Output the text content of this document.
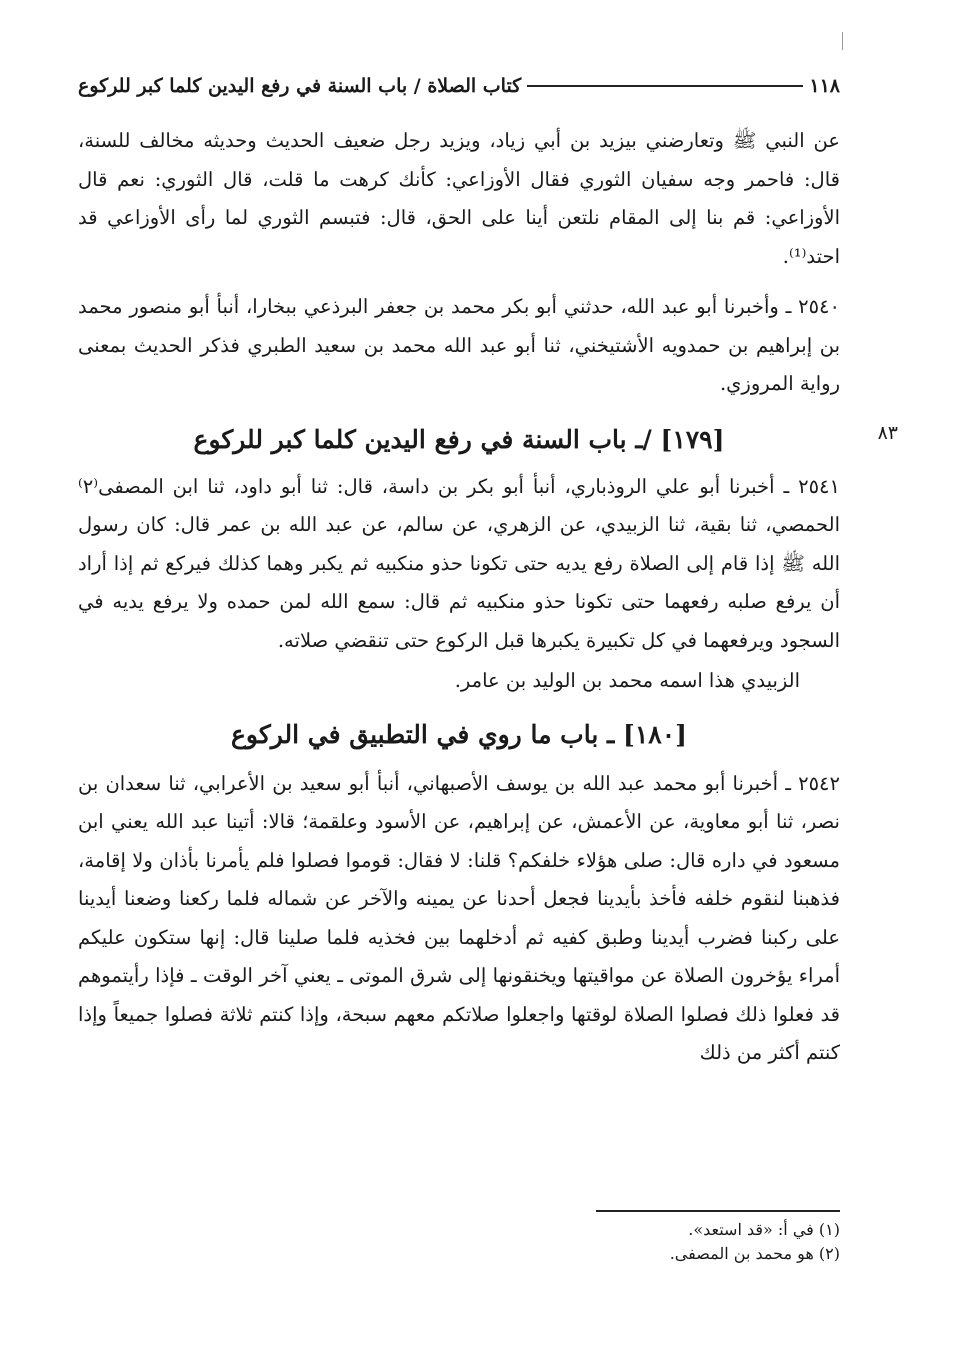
١١٨
كتاب الصلاة / باب السنة في رفع اليدين كلما كبر للركوع

عن النبي ﷺ وتعارضني بيزيد بن أبي زياد، ويزيد رجل ضعيف الحديث وحديثه مخالف للسنة، قال: فاحمر وجه سفيان الثوري فقال الأوزاعي: كأنك كرهت ما قلت، قال الثوري: نعم قال الأوزاعي: قم بنا إلى المقام نلتعن أينا على الحق، قال: فتبسم الثوري لما رأى الأوزاعي قد احتد⁽¹⁾.

٢٥٤٠ ـ وأخبرنا أبو عبد الله، حدثني أبو بكر محمد بن جعفر البرذعي ببخارا، أنبأ أبو منصور محمد بن إبراهيم بن حمدويه الأشتيخني، ثنا أبو عبد الله محمد بن سعيد الطبري فذكر الحديث بمعنى رواية المروزي.

٨٣
[١٧٩] /ـ باب السنة في رفع اليدين كلما كبر للركوع

٢٥٤١ ـ أخبرنا أبو علي الروذباري، أنبأ أبو بكر بن داسة، قال: ثنا أبو داود، ثنا ابن المصفى⁽٢⁾ الحمصي، ثنا بقية، ثنا الزبيدي، عن الزهري، عن سالم، عن عبد الله بن عمر قال: كان رسول الله ﷺ إذا قام إلى الصلاة رفع يديه حتى تكونا حذو منكبيه ثم يكبر وهما كذلك فيركع ثم إذا أراد أن يرفع صلبه رفعهما حتى تكونا حذو منكبيه ثم قال: سمع الله لمن حمده ولا يرفع يديه في السجود ويرفعهما في كل تكبيرة يكبرها قبل الركوع حتى تنقضي صلاته.

الزبيدي هذا اسمه محمد بن الوليد بن عامر.

[١٨٠] ـ باب ما روي في التطبيق في الركوع

٢٥٤٢ ـ أخبرنا أبو محمد عبد الله بن يوسف الأصبهاني، أنبأ أبو سعيد بن الأعرابي، ثنا سعدان بن نصر، ثنا أبو معاوية، عن الأعمش، عن إبراهيم، عن الأسود وعلقمة؛ قالا: أتينا عبد الله يعني ابن مسعود في داره قال: صلى هؤلاء خلفكم؟ قلنا: لا فقال: قوموا فصلوا فلم يأمرنا بأذان ولا إقامة، فذهبنا لنقوم خلفه فأخذ بأيدينا فجعل أحدنا عن يمينه والآخر عن شماله فلما ركعنا وضعنا أيدينا على ركبنا فضرب أيدينا وطبق كفيه ثم أدخلهما بين فخذيه فلما صلينا قال: إنها ستكون عليكم أمراء يؤخرون الصلاة عن مواقيتها ويخنقونها إلى شرق الموتى ـ يعني آخر الوقت ـ فإذا رأيتموهم قد فعلوا ذلك فصلوا الصلاة لوقتها واجعلوا صلاتكم معهم سبحة، وإذا كنتم ثلاثة فصلوا جميعاً وإذا كنتم أكثر من ذلك

(١) في أ: «قد استعد».
(٢) هو محمد بن المصفى.
